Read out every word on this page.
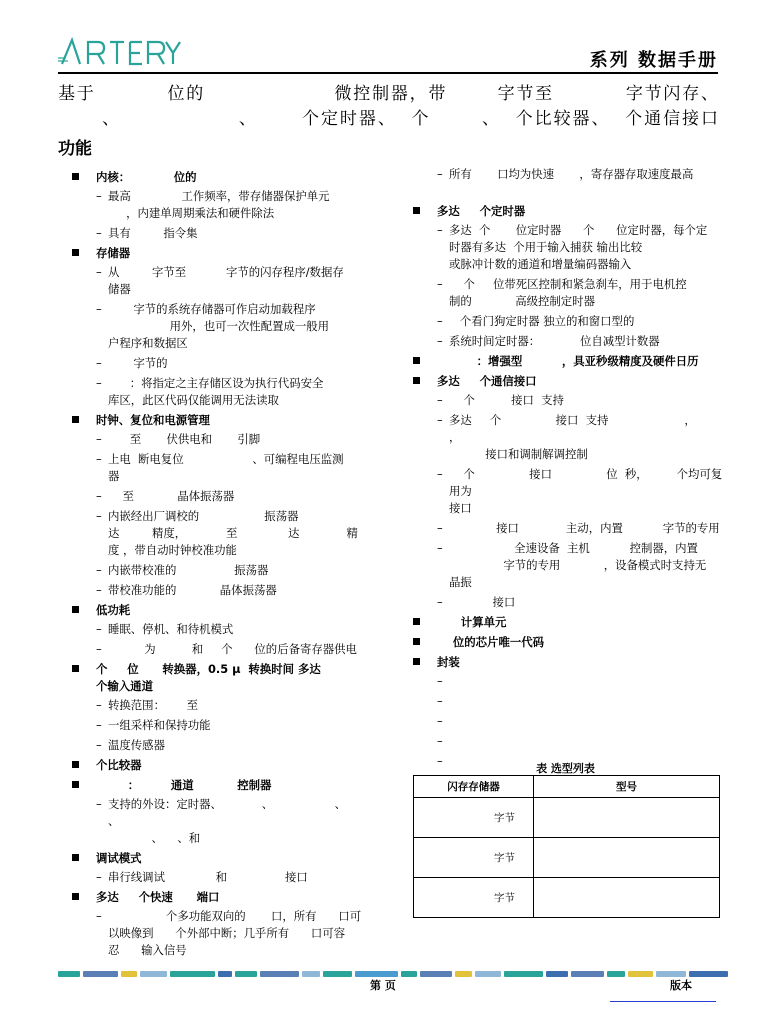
系列 数据手册
基于          位的                  微控制器，带       字节至          字节闪存、
、                、      个定时器、  个       、  个比较器、  个通信接口
功能
内核：           位的
– 最高              工作频率，带存储器保护单元
，内建单周期乘法和硬件除法
– 具有         指令集
存储器
– 从         字节至           字节的闪存程序/数据存
储器
–	字节的系统存储器可作启动加载程序
用外，也可一次性配置成一般用
户程序和数据区
–       字节的
–      ：将指定之主存储区设为执行代码安全
库区，此区代码仅能调用无法读取
时钟、复位和电源管理
–      至       伏供电和       引脚
– 上电  断电复位                   、可编程电压监测
器
–    至            晶体振荡器
– 内嵌经出厂调校的                  振荡器
达         精度，           至              达             精
度 ，带自动时钟校准功能
– 内嵌带校准的                振荡器
– 带校准功能的            晶体振荡器
低功耗
– 睡眠、停机、和待机模式
–          为          和     个      位的后备寄存器供电
个     位      转换器，0.5 μ  转换时间 多达
个输入通道
– 转换范围：      至
– 一组采样和保持功能
– 温度传感器
个比较器
：        通道           控制器
– 支持的外设：定时器、           、                 、          、
、    、和
调试模式
– 串行线调试              和                接口
多达     个快速      端口
–	个多功能双向的       口，所有      口可
以映像到      个外部中断；几乎所有      口可容
忍      输入信号
– 所有       口均为快速       ，寄存器存取速度最高
多达     个定时器
– 多达  个       位定时器      个      位定时器，每个定
时器有多达  个用于输入捕获 输出比较
或脉冲计数的通道和增量编码器输入
–    个     位带死区控制和紧急刹车，用于电机控
制的            高级控制定时器
–   个看门狗定时器 独立的和窗口型的
– 系统时间定时器：           位自减型计数器
：增强型          ，具亚秒级精度及硬件日历
多达     个通信接口
–    个          接口  支持
– 多达     个               接口  支持                     ，            ，
接口和调制解调控制
–    个               接口               位  秒，        个均可复用为
接口
–	接口             主动，内置           字节的专用

–	全速设备  主机           控制器，内置
字节的专用            ，设备模式时支持无
晶振
–            接口
计算单元
位的芯片唯一代码
封装
–
–
–
–
–
表 选型列表
闪存存储器	型号
字节	
字节	
字节	
第 页	版本
